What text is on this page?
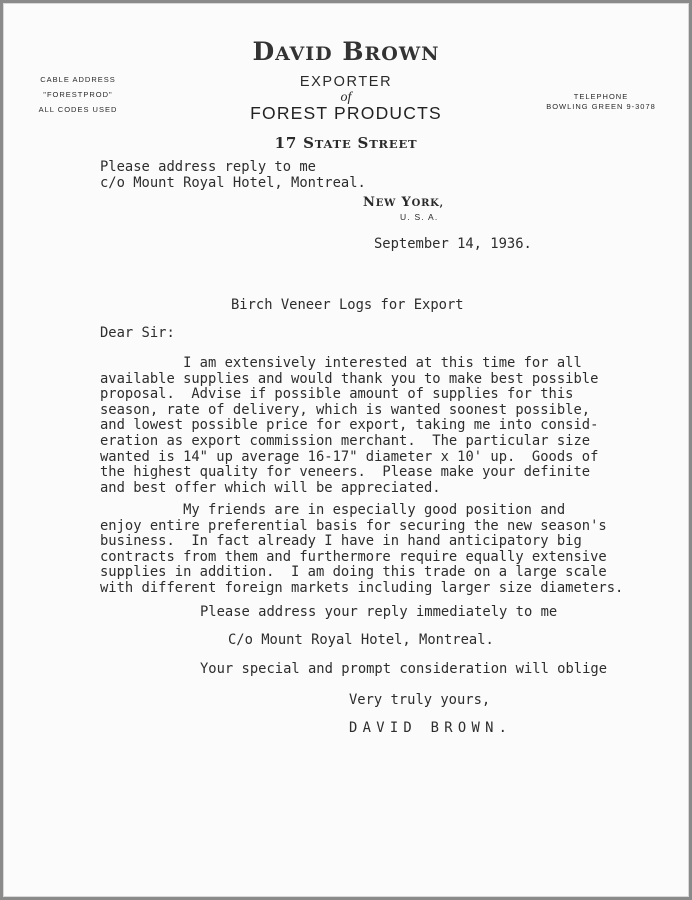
DAVID BROWN
EXPORTER
of
FOREST PRODUCTS
17 STATE STREET
CABLE ADDRESS
"FORESTPROD"
ALL CODES USED
TELEPHONE
BOWLING GREEN 9-3078
Please address reply to me
c/o Mount Royal Hotel, Montreal.
NEW YORK,
U. S. A.
September 14, 1936.
Birch Veneer Logs for Export
Dear Sir:
I am extensively interested at this time for all
available supplies and would thank you to make best possible
proposal.  Advise if possible amount of supplies for this
season, rate of delivery, which is wanted soonest possible,
and lowest possible price for export, taking me into consid-
eration as export commission merchant.  The particular size
wanted is 14" up average 16-17" diameter x 10' up.  Goods of
the highest quality for veneers.  Please make your definite
and best offer which will be appreciated.
My friends are in especially good position and
enjoy entire preferential basis for securing the new season's
business.  In fact already I have in hand anticipatory big
contracts from them and furthermore require equally extensive
supplies in addition.  I am doing this trade on a large scale
with different foreign markets including larger size diameters.
Please address your reply immediately to me
C/o Mount Royal Hotel, Montreal.
Your special and prompt consideration will oblige
Very truly yours,
DAVID BROWN.
